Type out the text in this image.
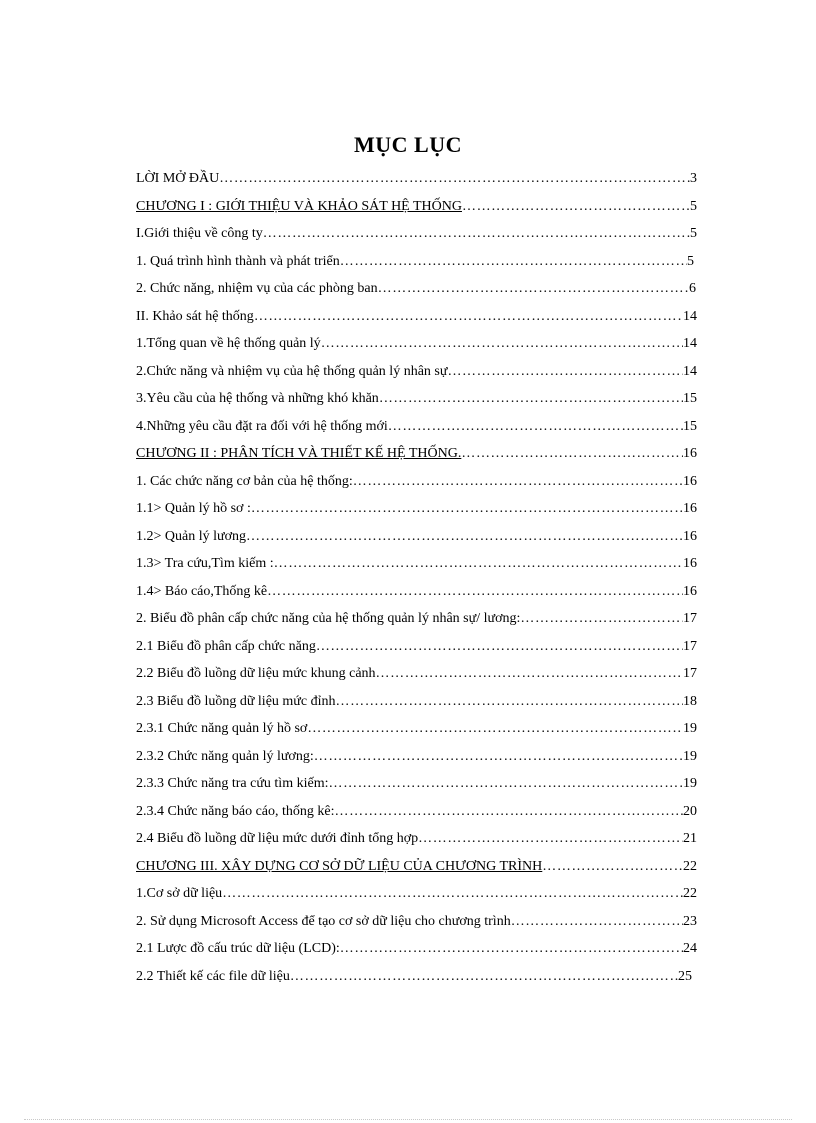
MỤC LỤC
LỜI MỞ ĐẦU ……………………………………………………………………………………………………………………………………………………………………………………	3
CHƯƠNG I : GIỚI THIỆU VÀ KHẢO SÁT HỆ THỐNG ……………………………………………………………………………………………………………………………………………………………………………………	5
I.Giới thiệu về công ty ……………………………………………………………………………………………………………………………………………………………………………………	5
1. Quá trình hình thành và phát triển ……………………………………………………………………………………………………………………………………………………………………………………	5
2. Chức năng, nhiệm vụ của các phòng ban ……………………………………………………………………………………………………………………………………………………………………………………	6
II. Khảo sát hệ thống ……………………………………………………………………………………………………………………………………………………………………………………	14
1.Tổng quan về hệ thống quản lý ……………………………………………………………………………………………………………………………………………………………………………………	14
2.Chức năng và nhiệm vụ của hệ thống quản lý nhân sự ……………………………………………………………………………………………………………………………………………………………………………………	14
3.Yêu cầu của hệ thống và những khó khăn ……………………………………………………………………………………………………………………………………………………………………………………	15
4.Những yêu cầu đặt ra đối với hệ thống mới ……………………………………………………………………………………………………………………………………………………………………………………	15
CHƯƠNG II : PHÂN TÍCH VÀ THIẾT KẾ HỆ THỐNG. ……………………………………………………………………………………………………………………………………………………………………………………	16
1. Các chức năng cơ bản của hệ thống: ……………………………………………………………………………………………………………………………………………………………………………………	16
1.1> Quản lý hồ sơ : ……………………………………………………………………………………………………………………………………………………………………………………	16
1.2> Quản lý lương ……………………………………………………………………………………………………………………………………………………………………………………	16
1.3> Tra cứu,Tìm kiếm : ……………………………………………………………………………………………………………………………………………………………………………………	16
1.4> Báo cáo,Thống kê ……………………………………………………………………………………………………………………………………………………………………………………	16
2. Biểu đồ phân cấp chức năng của hệ thống quản lý nhân sự/ lương: ……………………………………………………………………………………………………………………………………………………………………………………	17
2.1 Biểu đồ phân cấp chức năng ……………………………………………………………………………………………………………………………………………………………………………………	17
2.2 Biểu đồ luồng dữ liệu mức khung cảnh ……………………………………………………………………………………………………………………………………………………………………………………	17
2.3 Biểu đồ luồng dữ liệu mức đỉnh ……………………………………………………………………………………………………………………………………………………………………………………	18
2.3.1 Chức năng quản lý hồ sơ ……………………………………………………………………………………………………………………………………………………………………………………	19
2.3.2 Chức năng quản lý lương: ……………………………………………………………………………………………………………………………………………………………………………………	19
2.3.3 Chức năng tra cứu tìm kiếm: ……………………………………………………………………………………………………………………………………………………………………………………	19
2.3.4 Chức năng báo cáo, thống kê: ……………………………………………………………………………………………………………………………………………………………………………………	20
2.4 Biểu đồ luồng dữ liệu mức dưới đỉnh tổng hợp ……………………………………………………………………………………………………………………………………………………………………………………	21
CHƯƠNG III. XÂY DỰNG CƠ SỞ DỮ LIỆU CỦA CHƯƠNG TRÌNH ……………………………………………………………………………………………………………………………………………………………………………………	22
1.Cơ sở dữ liệu ……………………………………………………………………………………………………………………………………………………………………………………	22
2. Sử dụng Microsoft Access để tạo cơ sở dữ liệu cho chương trình ……………………………………………………………………………………………………………………………………………………………………………………	23
2.1 Lược đồ cấu trúc dữ liệu (LCD): ……………………………………………………………………………………………………………………………………………………………………………………	24
2.2 Thiết kế các file dữ liệu ……………………………………………………………………………………………………………………………………………………………………………………	25
